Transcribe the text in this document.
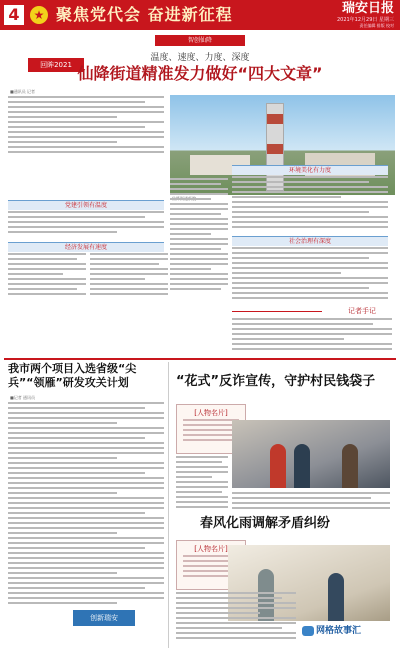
4	★ 聚焦党代会 奋进新征程	瑞安日报
2021年12月29日 星期三
责任编辑 排版 校对
智创仙降
温度、速度、力度、深度
回眸2021 仙降街道精准发力做好“四大文章”
■通讯员 记者
党建引领有温度
经济发展有速度
环境美化有力度
社会治理有深度
记者手记
我市两个项目入选省级“尖兵”“领雁”研发攻关计划
■记者 通讯员
创新瑞安
“花式”反诈宣传，守护村民钱袋子
[人物名片]
春风化雨调解矛盾纠纷
[人物名片]
网格故事汇
